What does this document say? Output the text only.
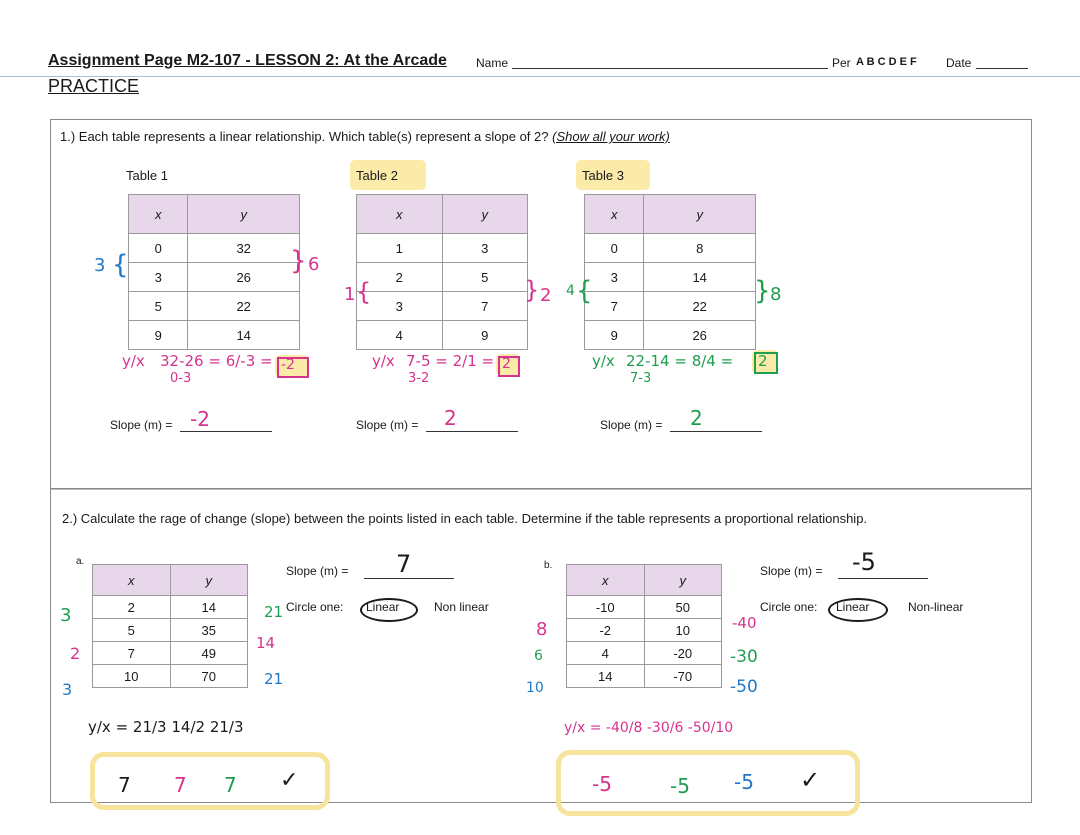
Assignment Page M2-107 - LESSON 2: At the Arcade Name	Per A B C D E F Date
PRACTICE
1.) Each table represents a linear relationship. Which table(s) represent a slope of 2? (Show all your work)
Table 1
x	y
0	32
3	26
5	22
9	14
3 {	} 6
y/x 32-26 = 6/-3 =
0-3
-2
Slope (m) = -2
Table 2
x	y
1	3
2	5
3	7
4	9
1 {	} 2
y/x 7-5 = 2/1 =
3-2
2
Slope (m) = 2
Table 3
x	y
0	8
3	14
7	22
9	26
4 {	} 8
y/x 22-14 = 8/4 =
7-3
2
Slope (m) = 2
2.) Calculate the rage of change (slope) between the points listed in each table. Determine if the table represents a proportional relationship.
a.
x	y
2	14
5	35
7	49
10	70
3
2
3
21
14
21
y/x = 21/3 14/2 21/3
7 7 7 ✓
Slope (m) = 7
Circle one: Linear	Non linear
b.
x	y
-10	50
-2	10
4	-20
14	-70
8
6
10
-40
-30
-50
y/x = -40/8 -30/6 -50/10
-5	-5 -5 ✓
Slope (m) = -5
Circle one: Linear	Non-linear
